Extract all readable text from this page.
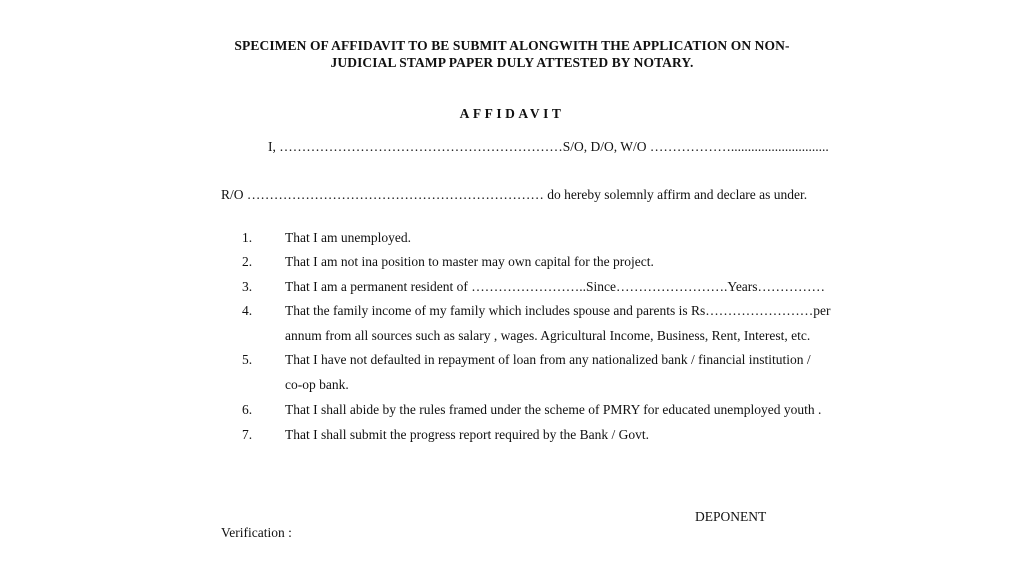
SPECIMEN OF AFFIDAVIT TO BE SUBMIT ALONGWITH THE APPLICATION ON NON-
JUDICIAL STAMP PAPER DULY ATTESTED BY NOTARY.
AFFIDAVIT
I, ………………………………………………………S/O, D/O, W/O ……………….............................
R/O ………………………………………………………… do hereby solemnly affirm and declare as under.
1. That I am unemployed.
2. That I am not ina position to master may own capital for the project.
3. That I am a permanent resident of ……………………..Since…………………….Years……………
4. That the family income of my family which includes spouse and parents is Rs……………………per
annum from all sources such as salary , wages. Agricultural Income, Business, Rent, Interest, etc.
5. That I have not defaulted in repayment of loan from any nationalized bank / financial institution /
co-op bank.
6. That I shall abide by the rules framed under the scheme of PMRY for educated unemployed youth .
7. That I shall submit the progress report required by the Bank / Govt.
DEPONENT
Verification :
